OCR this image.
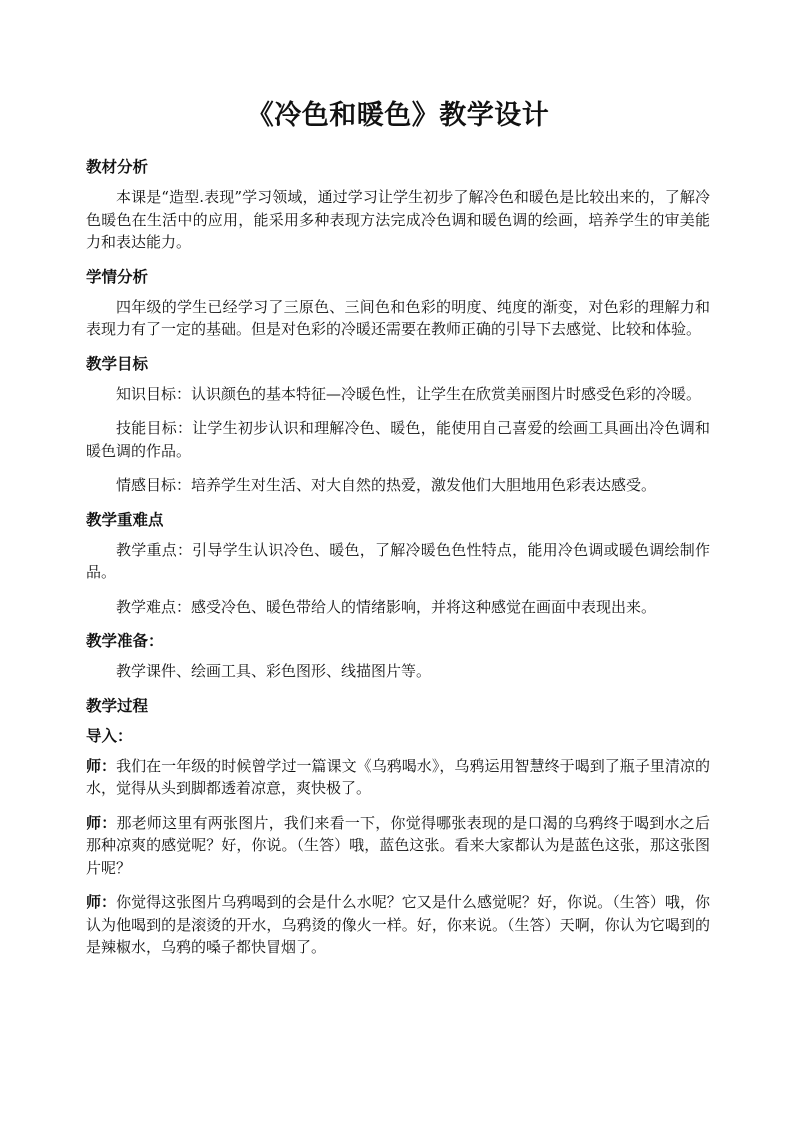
《冷色和暖色》教学设计
教材分析

本课是“造型.表现”学习领域，通过学习让学生初步了解冷色和暖色是比较出来的，了解冷色暖色在生活中的应用，能采用多种表现方法完成冷色调和暖色调的绘画，培养学生的审美能力和表达能力。

学情分析

四年级的学生已经学习了三原色、三间色和色彩的明度、纯度的渐变，对色彩的理解力和表现力有了一定的基础。但是对色彩的冷暖还需要在教师正确的引导下去感觉、比较和体验。

教学目标

知识目标：认识颜色的基本特征—冷暖色性，让学生在欣赏美丽图片时感受色彩的冷暖。

技能目标：让学生初步认识和理解冷色、暖色，能使用自己喜爱的绘画工具画出冷色调和暖色调的作品。

情感目标：培养学生对生活、对大自然的热爱，激发他们大胆地用色彩表达感受。

教学重难点

教学重点：引导学生认识冷色、暖色，了解冷暖色色性特点，能用冷色调或暖色调绘制作品。

教学难点：感受冷色、暖色带给人的情绪影响，并将这种感觉在画面中表现出来。

教学准备：

教学课件、绘画工具、彩色图形、线描图片等。

教学过程
导入：

师：我们在一年级的时候曾学过一篇课文《乌鸦喝水》，乌鸦运用智慧终于喝到了瓶子里清凉的水，觉得从头到脚都透着凉意，爽快极了。

师：那老师这里有两张图片，我们来看一下，你觉得哪张表现的是口渴的乌鸦终于喝到水之后那种凉爽的感觉呢？好，你说。（生答）哦，蓝色这张。看来大家都认为是蓝色这张，那这张图片呢？

师：你觉得这张图片乌鸦喝到的会是什么水呢？它又是什么感觉呢？好，你说。（生答）哦，你认为他喝到的是滚烫的开水，乌鸦烫的像火一样。好，你来说。（生答）天啊，你认为它喝到的是辣椒水，乌鸦的嗓子都快冒烟了。
